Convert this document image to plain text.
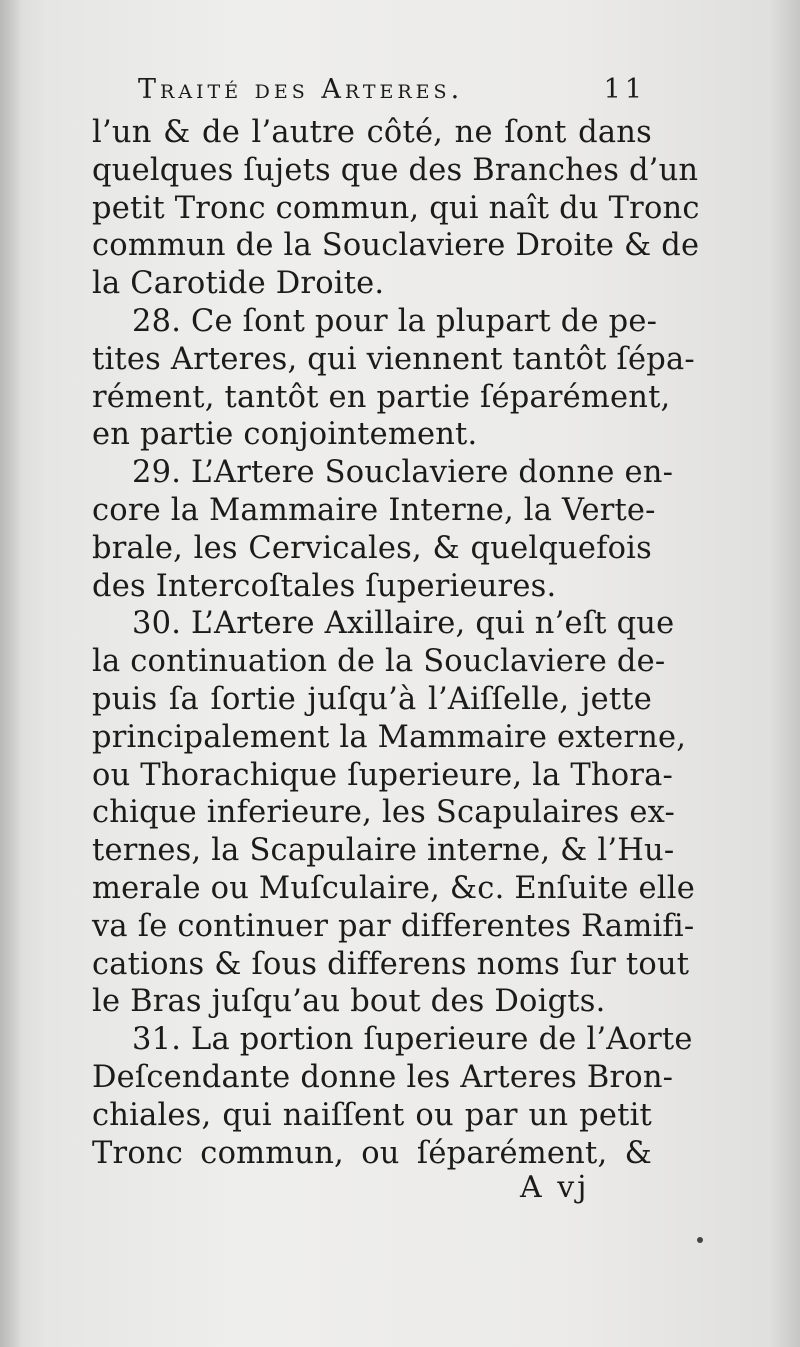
Traité des Arteres.	11
l’un & de l’autre côté, ne ſont dans
quelques ſujets que des Branches d’un
petit Tronc commun, qui naît du Tronc
commun de la Souclaviere Droite & de
la Carotide Droite.
28. Ce ſont pour la plupart de pe-
tites Arteres, qui viennent tantôt ſépa-
rément, tantôt en partie ſéparément,
en partie conjointement.
29. L’Artere Souclaviere donne en-
core la Mammaire Interne, la Verte-
brale, les Cervicales, & quelquefois
des Intercoſtales ſuperieures.
30. L’Artere Axillaire, qui n’eſt que
la continuation de la Souclaviere de-
puis ſa ſortie juſqu’à l’Aiſſelle, jette
principalement la Mammaire externe,
ou Thorachique ſuperieure, la Thora-
chique inferieure, les Scapulaires ex-
ternes, la Scapulaire interne, & l’Hu-
merale ou Muſculaire, &c. Enſuite elle
va ſe continuer par differentes Ramifi-
cations & ſous differens noms ſur tout
le Bras juſqu’au bout des Doigts.
31. La portion ſuperieure de l’Aorte
Deſcendante donne les Arteres Bron-
chiales, qui naiſſent ou par un petit
Tronc commun, ou ſéparément, &
A vj
